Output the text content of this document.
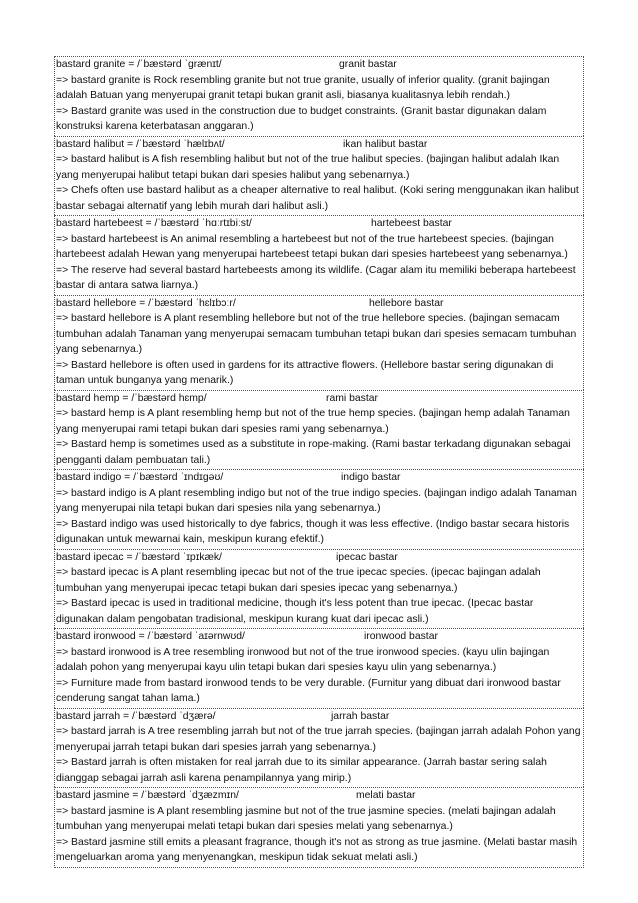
bastard granite = /ˈbæstərd ˈɡrænɪt/	granit bastar

=> bastard granite is Rock resembling granite but not true granite, usually of inferior quality. (granit bajingan adalah Batuan yang menyerupai granit tetapi bukan granit asli, biasanya kualitasnya lebih rendah.)

=> Bastard granite was used in the construction due to budget constraints. (Granit bastar digunakan dalam konstruksi karena keterbatasan anggaran.)

bastard halibut = /ˈbæstərd ˈhælɪbʌt/	ikan halibut bastar

=> bastard halibut is A fish resembling halibut but not of the true halibut species. (bajingan halibut adalah Ikan yang menyerupai halibut tetapi bukan dari spesies halibut yang sebenarnya.)

=> Chefs often use bastard halibut as a cheaper alternative to real halibut. (Koki sering menggunakan ikan halibut bastar sebagai alternatif yang lebih murah dari halibut asli.)

bastard hartebeest = /ˈbæstərd ˈhɑːrtɪbiːst/	hartebeest bastar

=> bastard hartebeest is An animal resembling a hartebeest but not of the true hartebeest species. (bajingan hartebeest adalah Hewan yang menyerupai hartebeest tetapi bukan dari spesies hartebeest yang sebenarnya.)

=> The reserve had several bastard hartebeests among its wildlife. (Cagar alam itu memiliki beberapa hartebeest bastar di antara satwa liarnya.)

bastard hellebore = /ˈbæstərd ˈhɛlɪbɔːr/	hellebore bastar

=> bastard hellebore is A plant resembling hellebore but not of the true hellebore species. (bajingan semacam tumbuhan adalah Tanaman yang menyerupai semacam tumbuhan tetapi bukan dari spesies semacam tumbuhan yang sebenarnya.)

=> Bastard hellebore is often used in gardens for its attractive flowers. (Hellebore bastar sering digunakan di taman untuk bunganya yang menarik.)

bastard hemp = /ˈbæstərd hɛmp/	rami bastar

=> bastard hemp is A plant resembling hemp but not of the true hemp species. (bajingan hemp adalah Tanaman yang menyerupai rami tetapi bukan dari spesies rami yang sebenarnya.)

=> Bastard hemp is sometimes used as a substitute in rope-making. (Rami bastar terkadang digunakan sebagai pengganti dalam pembuatan tali.)

bastard indigo = /ˈbæstərd ˈɪndɪɡəʊ/	indigo bastar

=> bastard indigo is A plant resembling indigo but not of the true indigo species. (bajingan indigo adalah Tanaman yang menyerupai nila tetapi bukan dari spesies nila yang sebenarnya.)

=> Bastard indigo was used historically to dye fabrics, though it was less effective. (Indigo bastar secara historis digunakan untuk mewarnai kain, meskipun kurang efektif.)

bastard ipecac = /ˈbæstərd ˈɪpɪkæk/	ipecac bastar

=> bastard ipecac is A plant resembling ipecac but not of the true ipecac species. (ipecac bajingan adalah tumbuhan yang menyerupai ipecac tetapi bukan dari spesies ipecac yang sebenarnya.)

=> Bastard ipecac is used in traditional medicine, though it's less potent than true ipecac. (Ipecac bastar digunakan dalam pengobatan tradisional, meskipun kurang kuat dari ipecac asli.)

bastard ironwood = /ˈbæstərd ˈaɪərnwʊd/	ironwood bastar

=> bastard ironwood is A tree resembling ironwood but not of the true ironwood species. (kayu ulin bajingan adalah pohon yang menyerupai kayu ulin tetapi bukan dari spesies kayu ulin yang sebenarnya.)

=> Furniture made from bastard ironwood tends to be very durable. (Furnitur yang dibuat dari ironwood bastar cenderung sangat tahan lama.)

bastard jarrah = /ˈbæstərd ˈdʒærə/	jarrah bastar

=> bastard jarrah is A tree resembling jarrah but not of the true jarrah species. (bajingan jarrah adalah Pohon yang menyerupai jarrah tetapi bukan dari spesies jarrah yang sebenarnya.)

=> Bastard jarrah is often mistaken for real jarrah due to its similar appearance. (Jarrah bastar sering salah dianggap sebagai jarrah asli karena penampilannya yang mirip.)

bastard jasmine = /ˈbæstərd ˈdʒæzmɪn/	melati bastar

=> bastard jasmine is A plant resembling jasmine but not of the true jasmine species. (melati bajingan adalah tumbuhan yang menyerupai melati tetapi bukan dari spesies melati yang sebenarnya.)

=> Bastard jasmine still emits a pleasant fragrance, though it's not as strong as true jasmine. (Melati bastar masih mengeluarkan aroma yang menyenangkan, meskipun tidak sekuat melati asli.)
